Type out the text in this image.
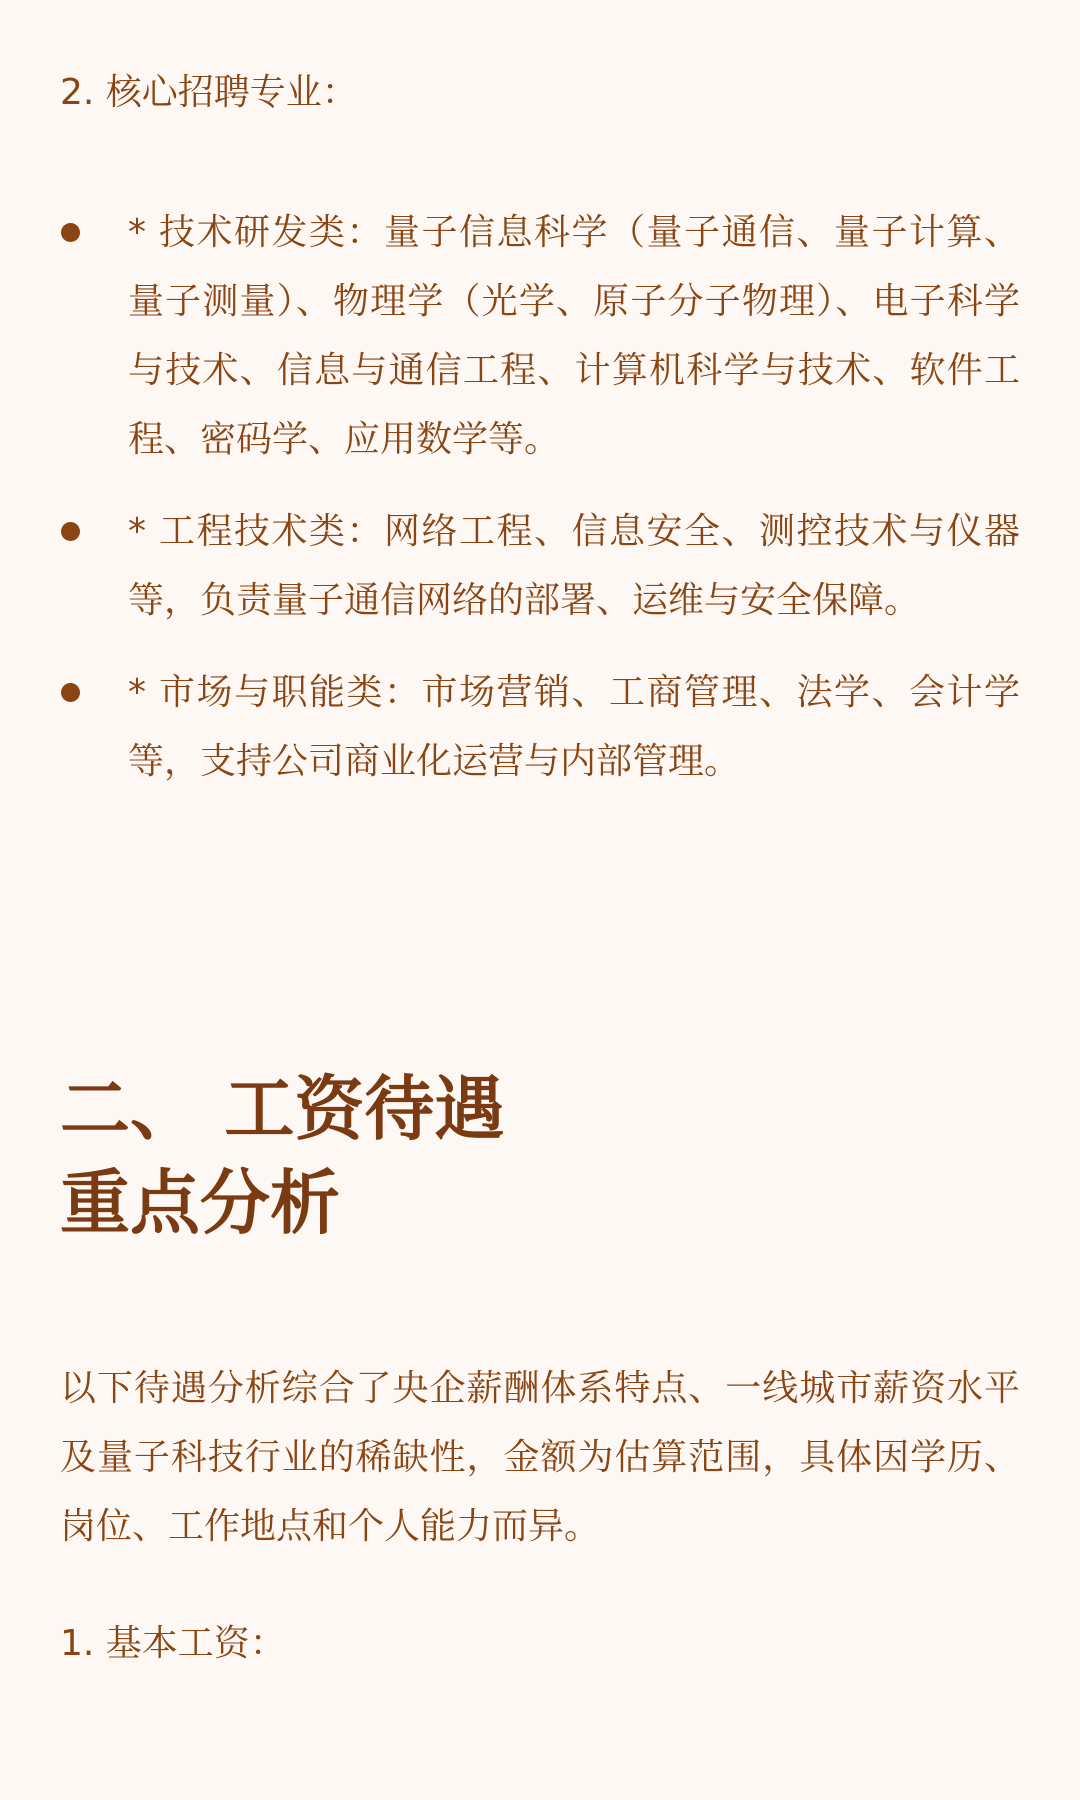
2. 核心招聘专业：
* 技术研发类：量子信息科学（量子通信、量子计算、量子测量）、物理学（光学、原子分子物理）、电子科学与技术、信息与通信工程、计算机科学与技术、软件工程、密码学、应用数学等。
* 工程技术类：网络工程、信息安全、测控技术与仪器等，负责量子通信网络的部署、运维与安全保障。
* 市场与职能类：市场营销、工商管理、法学、会计学等，支持公司商业化运营与内部管理。
二、 工资待遇
重点分析

以下待遇分析综合了央企薪酬体系特点、一线城市薪资水平及量子科技行业的稀缺性，金额为估算范围，具体因学历、岗位、工作地点和个人能力而异。

1. 基本工资：
